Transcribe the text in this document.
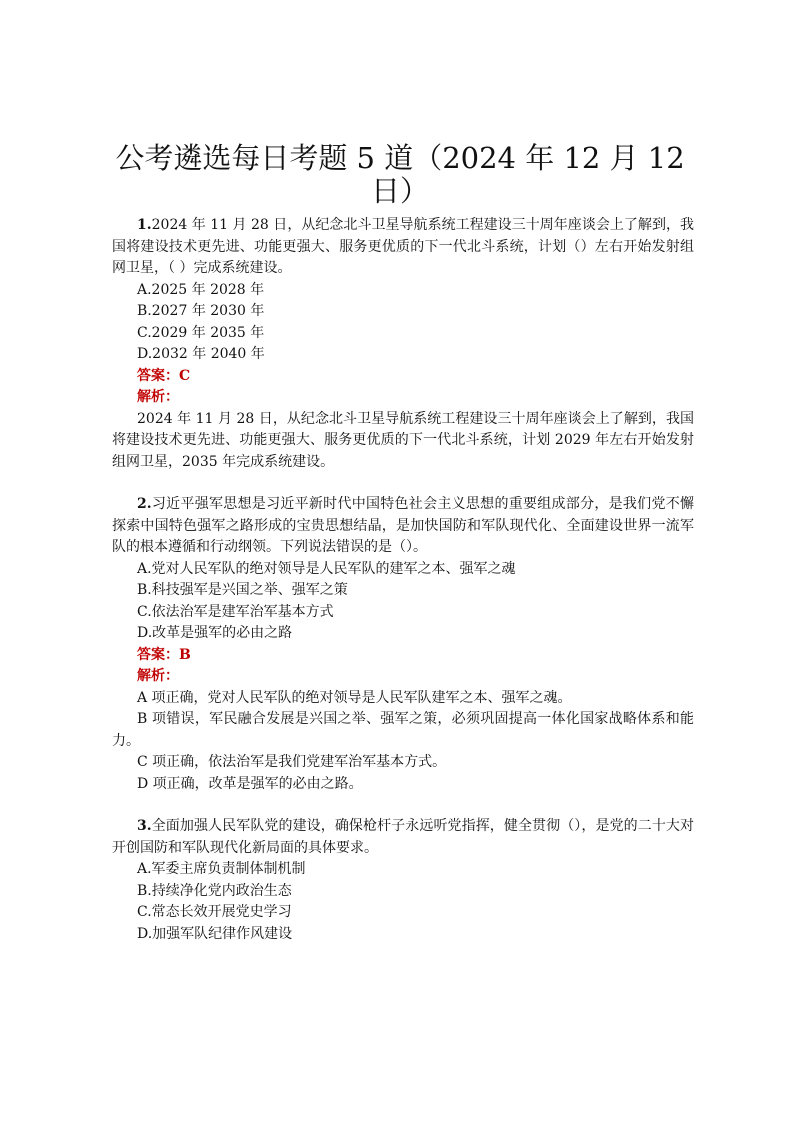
公考遴选每日考题 5 道（2024 年 12 月 12 日）

1.2024 年 11 月 28 日，从纪念北斗卫星导航系统工程建设三十周年座谈会上了解到，我国将建设技术更先进、功能更强大、服务更优质的下一代北斗系统，计划（）左右开始发射组网卫星，（ ）完成系统建设。

A.2025 年 2028 年

B.2027 年 2030 年

C.2029 年 2035 年

D.2032 年 2040 年

答案：C

解析：

2024 年 11 月 28 日，从纪念北斗卫星导航系统工程建设三十周年座谈会上了解到，我国将建设技术更先进、功能更强大、服务更优质的下一代北斗系统，计划 2029 年左右开始发射组网卫星，2035 年完成系统建设。

2.习近平强军思想是习近平新时代中国特色社会主义思想的重要组成部分，是我们党不懈探索中国特色强军之路形成的宝贵思想结晶，是加快国防和军队现代化、全面建设世界一流军队的根本遵循和行动纲领。下列说法错误的是（）。

A.党对人民军队的绝对领导是人民军队的建军之本、强军之魂

B.科技强军是兴国之举、强军之策

C.依法治军是建军治军基本方式

D.改革是强军的必由之路

答案：B

解析：

A 项正确，党对人民军队的绝对领导是人民军队建军之本、强军之魂。

B 项错误，军民融合发展是兴国之举、强军之策，必须巩固提高一体化国家战略体系和能力。

C 项正确，依法治军是我们党建军治军基本方式。

D 项正确，改革是强军的必由之路。

3.全面加强人民军队党的建设，确保枪杆子永远听党指挥，健全贯彻（），是党的二十大对开创国防和军队现代化新局面的具体要求。

A.军委主席负责制体制机制

B.持续净化党内政治生态

C.常态长效开展党史学习

D.加强军队纪律作风建设
